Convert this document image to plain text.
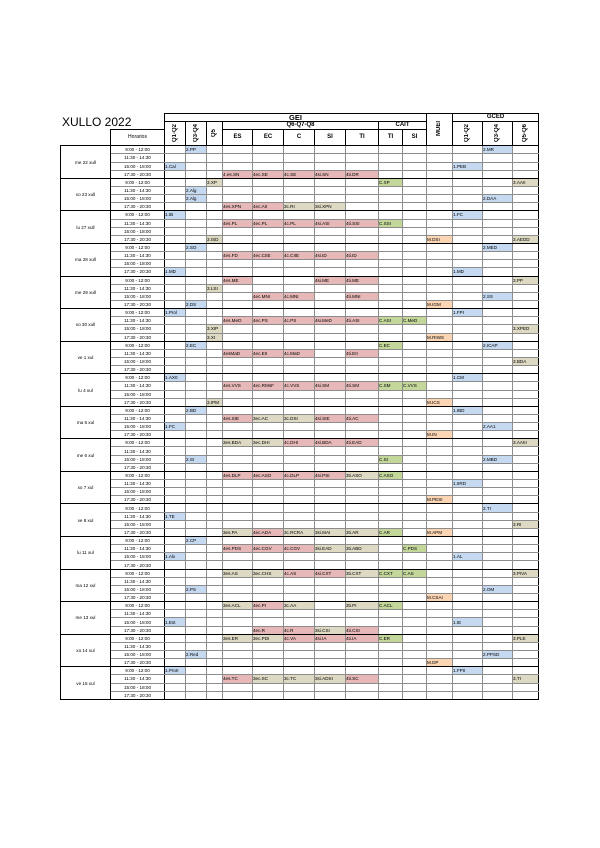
XULLO 2022
		GEI										MUEI	GCED		
		Q1-Q2	Q3-Q4	Q5	Q6-Q7-Q8					CAIT			Q1-Q2	Q3-Q4	Q5-Q6
	Horarios				ES	EC	C	SI	TI	TI	SI				
me 22 xull	9:00 - 12:00		2.PP											2.MR	
	11:30 - 14:30														
	15:00 - 18:00	1.Cal											1.PEB		
	17:30 - 20:30				4.es.SN	4ec.SE	4c.SE	4si.SN	4ti.DR						
xo 23 xull	9:00 - 12:00			3.XP						C.XP					3.AAII
	11:30 - 14:30		2.Alg												
	15:00 - 18:00		2.Alg											2.DAA	
	17:30 - 20:30				4es.XPN	4ec.AII	3c.RI	3si.XPN							
lu 27 xull	9:00 - 12:00	1.IB											1.FC		
	11:30 - 14:30				4es.PL	4ec.PL	4c.PL	4si.ASI	4ti.SSI	C.SSI					
	15:00 - 18:00														
	17:30 - 20:30			3.ISD								M.DSI			3.AEDD
ma 28 xull	9:00 - 12:00		2.SO											2.MED	
	11:30 - 14:30				4es.FD	4ec.CIIE	4c.CIIE	4si.ID	4ti.ID						
	15:00 - 18:00														
	17:30 - 20:30	1.MD											1.MD		
me 29 xull	9:00 - 12:00				4es.ME			4si.ME	4ti.ME						3.PP
	11:30 - 14:30			3.LSI											
	15:00 - 18:00					4ec.MNI	4c.MNI		4ti.MNI					2.SS	
	17:30 - 20:30		2.DS									M.IGM			
xo 30 xull	9:00 - 12:00	1.Prol											1.FPI		
	11:30 - 14:30				4es.MeD	4ec.PS	4c.PS	4si.MeD	4ti.ASI	C.ASI	C.MeD				
	15:00 - 18:00			3.XIP											3.XPED
	17:30 - 20:30			3.XI								M.RIWS			
ve 1 xul	9:00 - 12:00		2.EC							C.EC				2.ICAP	
	11:30 - 14:30				4esMaD	4ec.EII	4c.MaD		4ti.EII						
	15:00 - 18:00														3.BDA
	17:30 - 20:30														
lu 4 xul	9:00 - 12:00	1.AX0											1.CM		
	11:30 - 14:30				4es.VVS	4ec.RMsF	4c.VVS	4si.SM	4ti.SM	C.SM	C.VVS				
	15:00 - 18:00														
	17:30 - 20:30			3.IPM								M.ICS			
ma 5 xul	9:00 - 12:00		2.BD										1.IBD		
	11:30 - 14:30				4es.SIE	3ec.AC	3c.DSI	4si.SIE	4ti.AC						
	15:00 - 18:00	1.FC												2.AA1	
	17:30 - 20:30											M.IN			
me 6 xul	9:00 - 12:00				3es.BDA	3ec.DHI	4c.DHI	4si.BDA	4ti.EAD						3.AAIII
	11:30 - 14:30														
	15:00 - 18:00		2.SI							C.SI				2.MBD	
	17:30 - 20:30														
xo 7 xul	9:00 - 12:00				4es.DLP	4ec.ASO	4c.DLP	4si.PSI	3ti.ASO	C.ASO					
	11:30 - 14:30												1.IIRD		
	15:00 - 18:00														
	17:30 - 20:30											M.PESI			
ve 8 xul	9:00 - 12:00													2.TI	
	11:30 - 14:30	1.TE													
	15:00 - 18:00														3.RI
	17:30 - 20:30				3es.PA	4ec.ADA	3c.RCRA	3si.MAI	3ti.AR	C.AR		M.APM			
lu 11 xul	9:00 - 12:00		2.CP												
	11:30 - 14:30				4es.PDS	4ec.CGV	4c.CGV	3si.EAD	3ti.ABD		C.PDS				
	15:00 - 18:00	1.Alx											1.AL		
	17:30 - 20:30														
ma 12 xul	9:00 - 12:00				3es.AS	3ec.CHS	4c.AS	4si.CXT	3ti.CXT	C.CXT	C.AS				3.PIVA
	11:30 - 14:30														
	15:00 - 18:00		2.PS											2.OM	
	17:30 - 20:30											M.CSAI			
me 13 xul	9:00 - 12:00				3es.ACL	4ec.PI	3c.AA		3ti.PI	C.ACL					
	11:30 - 14:30														
	15:00 - 18:00	1.Est											1.IE		
	17:30 - 20:30					4ec.R	4c.R	3si.CSI	4ti.CSI						
xo 14 xul	9:00 - 12:00				3es.ER	3ec.PDI	4c.VA	4si.IA	4ti.IA	C.ER					3.PLE
	11:30 - 14:30														
	15:00 - 18:00		2.Red											2.PPSD	
	17:30 - 20:30											M.DP			
ve 15 xul	9:00 - 12:00	1.ProII											1.FPII		
	11:30 - 14:30				4es.TC	3ec.SC	3c.TC	3si.ADSI	4ti.SC						3.TI
	15:00 - 18:00														
	17:30 - 20:30														
